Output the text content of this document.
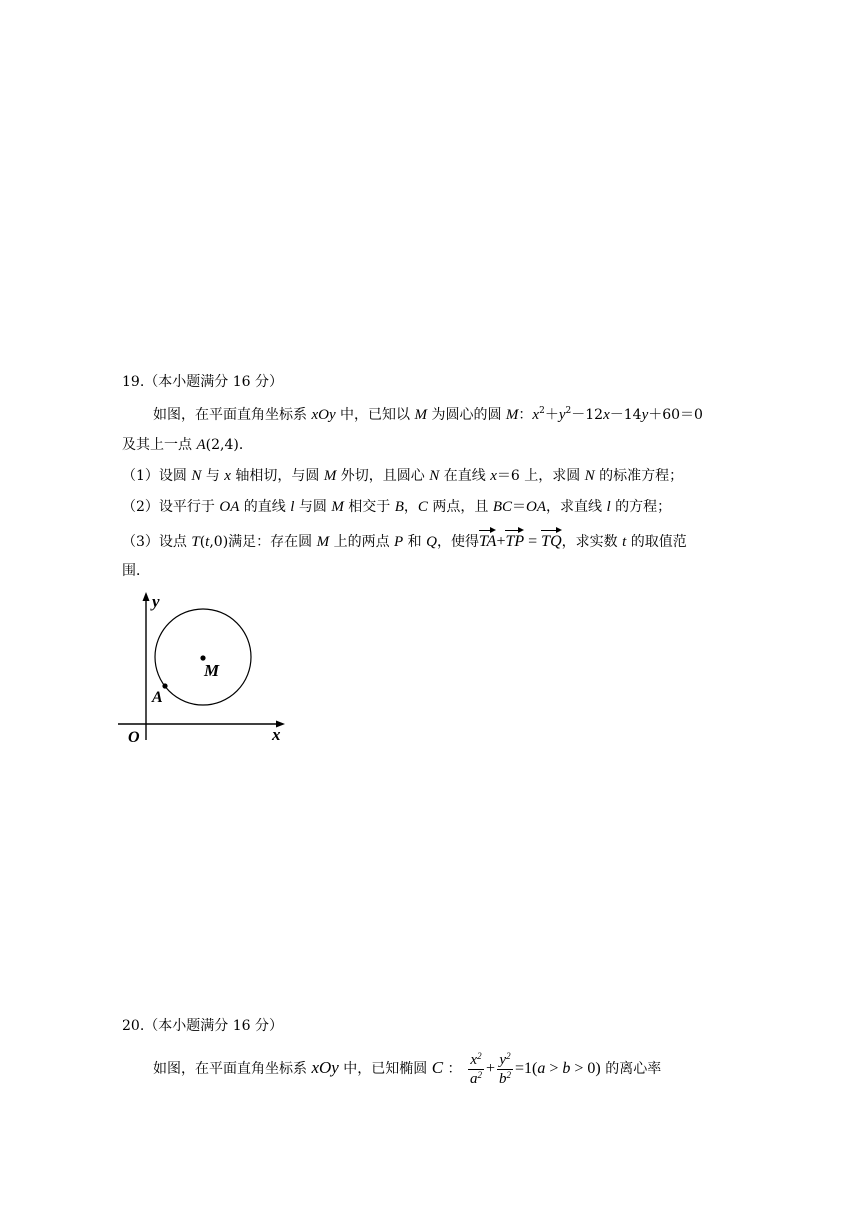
19.（本小题满分 16 分）
如图，在平面直角坐标系 xOy 中，已知以 M 为圆心的圆 M：$x^2+y^2-12x-14y+60=0$
及其上一点 A(2,4)．
（1）设圆 N 与 x 轴相切，与圆 M 外切，且圆心 N 在直线 x＝6 上，求圆 N 的标准方程；
（2）设平行于 OA 的直线 l 与圆 M 相交于 B，C 两点，且 BC＝OA，求直线 l 的方程；
（3）设点 T(t,0)满足：存在圆 M 上的两点 P 和 Q，使得TA+TP = TQ，求实数 t 的取值范
围．
y
x
O
A
M
20.（本小题满分 16 分）
如图，在平面直角坐标系 xOy 中，已知椭圆 C ： $\frac{x^2}{a^2} + \frac{y^2}{b^2} =1(a > b > 0)$ 的离心率
